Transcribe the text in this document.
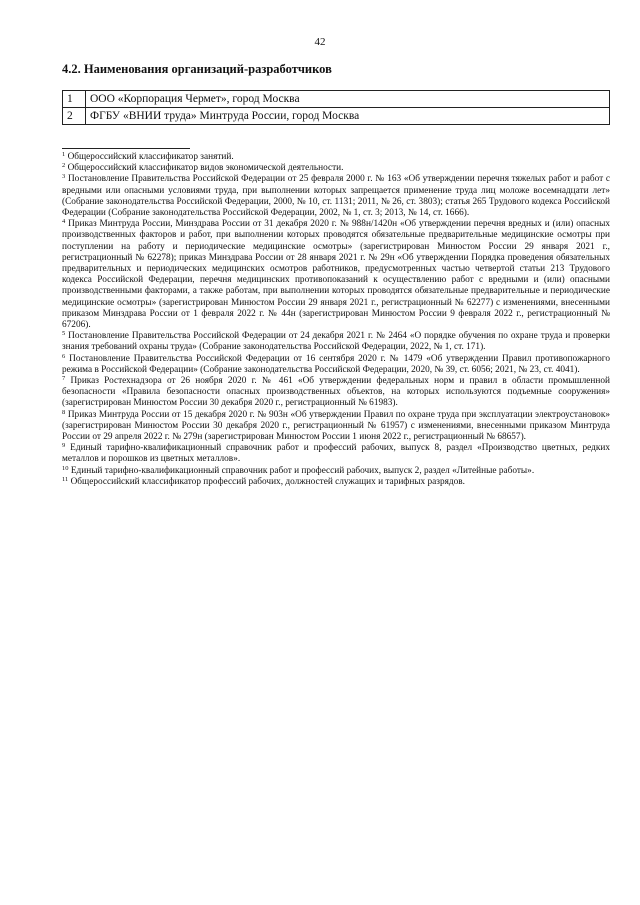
42
4.2. Наименования организаций-разработчиков
1	ООО «Корпорация Чермет», город Москва
2	ФГБУ «ВНИИ труда» Минтруда России, город Москва

$^1$ Общероссийский классификатор занятий.

$^2$ Общероссийский классификатор видов экономической деятельности.

$^3$ Постановление Правительства Российской Федерации от 25 февраля 2000 г. № 163 «Об утверждении перечня тяжелых работ и работ с вредными или опасными условиями труда, при выполнении которых запрещается применение труда лиц моложе восемнадцати лет» (Собрание законодательства Российской Федерации, 2000, № 10, ст. 1131; 2011, № 26, ст. 3803); статья 265 Трудового кодекса Российской Федерации (Собрание законодательства Российской Федерации, 2002, № 1, ст. 3; 2013, № 14, ст. 1666).

$^4$ Приказ Минтруда России, Минздрава России от 31 декабря 2020 г. № 988н/1420н «Об утверждении перечня вредных и (или) опасных производственных факторов и работ, при выполнении которых проводятся обязательные предварительные медицинские осмотры при поступлении на работу и периодические медицинские осмотры» (зарегистрирован Минюстом России 29 января 2021 г., регистрационный № 62278); приказ Минздрава России от 28 января 2021 г. № 29н «Об утверждении Порядка проведения обязательных предварительных и периодических медицинских осмотров работников, предусмотренных частью четвертой статьи 213 Трудового кодекса Российской Федерации, перечня медицинских противопоказаний к осуществлению работ с вредными и (или) опасными производственными факторами, а также работам, при выполнении которых проводятся обязательные предварительные и периодические медицинские осмотры» (зарегистрирован Минюстом России 29 января 2021 г., регистрационный № 62277) с изменениями, внесенными приказом Минздрава России от 1 февраля 2022 г. № 44н (зарегистрирован Минюстом России 9 февраля 2022 г., регистрационный № 67206).

$^5$ Постановление Правительства Российской Федерации от 24 декабря 2021 г. № 2464 «О порядке обучения по охране труда и проверки знания требований охраны труда» (Собрание законодательства Российской Федерации, 2022, № 1, ст. 171).

$^6$ Постановление Правительства Российской Федерации от 16 сентября 2020 г. № 1479 «Об утверждении Правил противопожарного режима в Российской Федерации» (Собрание законодательства Российской Федерации, 2020, № 39, ст. 6056; 2021, № 23, ст. 4041).

$^7$ Приказ Ростехнадзора от 26 ноября 2020 г. № 461 «Об утверждении федеральных норм и правил в области промышленной безопасности «Правила безопасности опасных производственных объектов, на которых используются подъемные сооружения» (зарегистрирован Минюстом России 30 декабря 2020 г., регистрационный № 61983).

$^8$ Приказ Минтруда России от 15 декабря 2020 г. № 903н «Об утверждении Правил по охране труда при эксплуатации электроустановок» (зарегистрирован Минюстом России 30 декабря 2020 г., регистрационный № 61957) с изменениями, внесенными приказом Минтруда России от 29 апреля 2022 г. № 279н (зарегистрирован Минюстом России 1 июня 2022 г., регистрационный № 68657).

$^9$ Единый тарифно-квалификационный справочник работ и профессий рабочих, выпуск 8, раздел «Производство цветных, редких металлов и порошков из цветных металлов».

$^{10}$ Единый тарифно-квалификационный справочник работ и профессий рабочих, выпуск 2, раздел «Литейные работы».

$^{11}$ Общероссийский классификатор профессий рабочих, должностей служащих и тарифных разрядов.
